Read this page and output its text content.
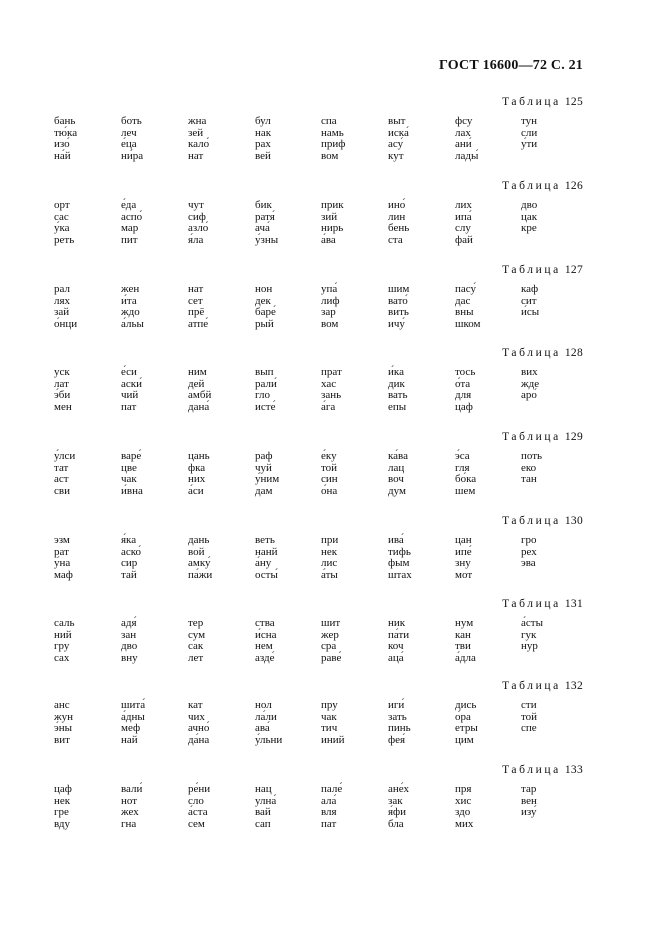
ГОСТ 16600—72 С. 21
Таблица 125
бань
тю́ка
изо́
на́й
боть
леч
е́ца
ни́ра
жна
зей
кало́
нат
бул
нак
рах
вей
спа
намь
приф
вом
выт
иска́
асу́
кут
фсу
лах
ани́
лады́
тун
сли
у́ти
Таблица 126
орт
сас
у́ка
реть
е́да
аспо́
мар
пит
чут
сиф
азло́
я́ла
бик
ратя́
ача́
у́зны
прик
зий
нирь
а́ва
ино́
лин
бень
ста
лих
ипа́
слу
фай
дво
цак
кре
Таблица 127
рал
лях
зай
о́нци
жен
и́та
ждо
а́льы
нат
сет
прё
атпе́
нон
дек
баре́
рый
упа́
лиф
зар
вом
шим
вато́
вить
ичу́
пасу́
дас
вны
шком
каф
сит
и́сы
Таблица 128
уск
лат
э́би
мен
е́си
аски́
чий
пат
ним
дей
амбй
дана́
вып
рали́
гло
исте́
прат
хас
зань
а́га
и́ка
дик
вать
епы
тось
о́та
для
цаф
вих
жде
аро́
Таблица 129
у́лси
тат
аст
сви
варе́
цве
чак
и́вна
цань
фка
них
а́си
раф
чуй
у́ним
дам
е́ку
той
син
о́на
ка́ва
лац
воч
дум
э́са
гля
бо́ка
шем
поть
еко
тан
Таблица 130
эзм
рат
у́на
маф
я́ка
аско́
сир
тай
дань
вой
амку́
па́жи
веть
нанй
а́ну
осты́
при
нек
лис
а́ты
ива́
тифь
фым
штах
цан
ипе́
зну
мот
гро
рех
эва
Таблица 131
саль
ний
гру
сах
адя́
зан
дво
вну
тер
сум
сак
лет
ства
и́сна
нем
азде́
шит
жер
сра
раве́
ник
па́ти
коч
аца́
нум
кан
тви
а́дла
а́сты
гук
нур
Таблица 132
анс
жун
э́ны
вит
шита́
а́дны
меф
най
кат
чих
ачно́
да́на
нол
ла́ли
ава́
у́льни
пру
чак
тич
иний
иги́
зать
пинь
фея́
дись
о́ра
етры
цим
сти
той
спе
Таблица 133
цаф
нек
гре
вду
вали́
нот
жех
гна
ре́ни
сло
а́ста
сем
нац
улна́
вай
сап
пале́
ала́
вля
пат
ане́х
зак
я́фи
бла
пря
хис
здо
мих
тар
вен
изу́
